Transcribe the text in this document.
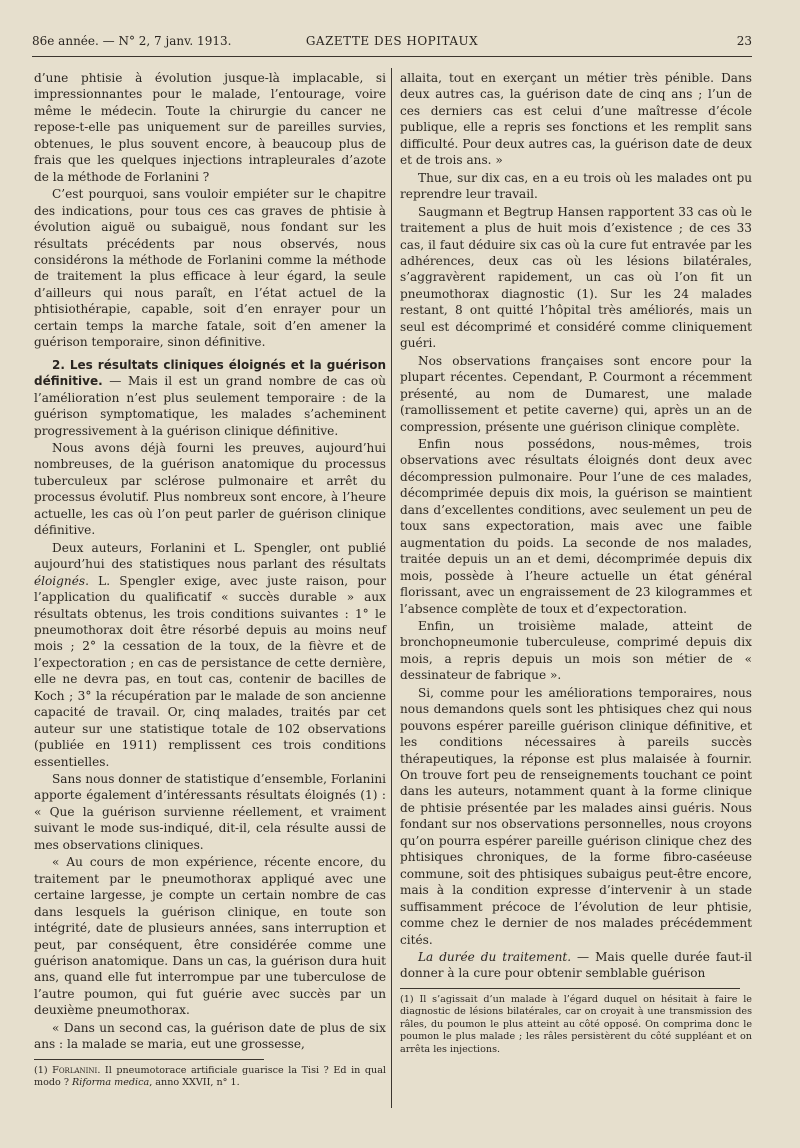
86e année. — N° 2, 7 janv. 1913.	GAZETTE DES HOPITAUX	23

d’une phtisie à évolution jusque-là implacable, si impressionnantes pour le malade, l’entourage, voire même le médecin. Toute la chirurgie du cancer ne repose-t-elle pas uniquement sur de pareilles survies, obtenues, le plus souvent encore, à beaucoup plus de frais que les quelques injections intrapleurales d’azote de la méthode de Forlanini ?

C’est pourquoi, sans vouloir empiéter sur le chapitre des indications, pour tous ces cas graves de phtisie à évolution aiguë ou subaiguë, nous fondant sur les résultats précédents par nous observés, nous considérons la méthode de Forlanini comme la méthode de traitement la plus efficace à leur égard, la seule d’ailleurs qui nous paraît, en l’état actuel de la phtisiothérapie, capable, soit d’en enrayer pour un certain temps la marche fatale, soit d’en amener la guérison temporaire, sinon définitive.

2. Les résultats cliniques éloignés et la guérison définitive. — Mais il est un grand nombre de cas où l’amélioration n’est plus seulement temporaire : de la guérison symptomatique, les malades s’acheminent progressivement à la guérison clinique définitive.

Nous avons déjà fourni les preuves, aujourd’hui nombreuses, de la guérison anatomique du processus tuberculeux par sclérose pulmonaire et arrêt du processus évolutif. Plus nombreux sont encore, à l’heure actuelle, les cas où l’on peut parler de guérison clinique définitive.

Deux auteurs, Forlanini et L. Spengler, ont publié aujourd’hui des statistiques nous parlant des résultats éloignés. L. Spengler exige, avec juste raison, pour l’application du qualificatif « succès durable » aux résultats obtenus, les trois conditions suivantes : 1° le pneumothorax doit être résorbé depuis au moins neuf mois ; 2° la cessation de la toux, de la fièvre et de l’expectoration ; en cas de persistance de cette dernière, elle ne devra pas, en tout cas, contenir de bacilles de Koch ; 3° la récupération par le malade de son ancienne capacité de travail. Or, cinq malades, traités par cet auteur sur une statistique totale de 102 observations (publiée en 1911) remplissent ces trois conditions essentielles.

Sans nous donner de statistique d’ensemble, Forlanini apporte également d’intéressants résultats éloignés (1) : « Que la guérison survienne réellement, et vraiment suivant le mode sus-indiqué, dit-il, cela résulte aussi de mes observations cliniques.

« Au cours de mon expérience, récente encore, du traitement par le pneumothorax appliqué avec une certaine largesse, je compte un certain nombre de cas dans lesquels la guérison clinique, en toute son intégrité, date de plusieurs années, sans interruption et peut, par conséquent, être considérée comme une guérison anatomique. Dans un cas, la guérison dura huit ans, quand elle fut interrompue par une tuberculose de l’autre poumon, qui fut guérie avec succès par un deuxième pneumothorax.

« Dans un second cas, la guérison date de plus de six ans : la malade se maria, eut une grossesse,

(1) Forlanini. Il pneumotorace artificiale guarisce la Tisi ? Ed in qual modo ? Riforma medica, anno XXVII, n° 1.

allaita, tout en exerçant un métier très pénible. Dans deux autres cas, la guérison date de cinq ans ; l’un de ces derniers cas est celui d’une maîtresse d’école publique, elle a repris ses fonctions et les remplit sans difficulté. Pour deux autres cas, la guérison date de deux et de trois ans. »

Thue, sur dix cas, en a eu trois où les malades ont pu reprendre leur travail.

Saugmann et Begtrup Hansen rapportent 33 cas où le traitement a plus de huit mois d’existence ; de ces 33 cas, il faut déduire six cas où la cure fut entravée par les adhérences, deux cas où les lésions bilatérales, s’aggravèrent rapidement, un cas où l’on fit un pneumothorax diagnostic (1). Sur les 24 malades restant, 8 ont quitté l’hôpital très améliorés, mais un seul est décomprimé et considéré comme cliniquement guéri.

Nos observations françaises sont encore pour la plupart récentes. Cependant, P. Courmont a récemment présenté, au nom de Dumarest, une malade (ramollissement et petite caverne) qui, après un an de compression, présente une guérison clinique complète.

Enfin nous possédons, nous-mêmes, trois observations avec résultats éloignés dont deux avec décompression pulmonaire. Pour l’une de ces malades, décomprimée depuis dix mois, la guérison se maintient dans d’excellentes conditions, avec seulement un peu de toux sans expectoration, mais avec une faible augmentation du poids. La seconde de nos malades, traitée depuis un an et demi, décomprimée depuis dix mois, possède à l’heure actuelle un état général florissant, avec un engraissement de 23 kilogrammes et l’absence complète de toux et d’expectoration.

Enfin, un troisième malade, atteint de bronchopneumonie tuberculeuse, comprimé depuis dix mois, a repris depuis un mois son métier de « dessinateur de fabrique ».

Si, comme pour les améliorations temporaires, nous nous demandons quels sont les phtisiques chez qui nous pouvons espérer pareille guérison clinique définitive, et les conditions nécessaires à pareils succès thérapeutiques, la réponse est plus malaisée à fournir. On trouve fort peu de renseignements touchant ce point dans les auteurs, notamment quant à la forme clinique de phtisie présentée par les malades ainsi guéris. Nous fondant sur nos observations personnelles, nous croyons qu’on pourra espérer pareille guérison clinique chez des phtisiques chroniques, de la forme fibro-caséeuse commune, soit des phtisiques subaigus peut-être encore, mais à la condition expresse d’intervenir à un stade suffisamment précoce de l’évolution de leur phtisie, comme chez le dernier de nos malades précédemment cités.

La durée du traitement. — Mais quelle durée faut-il donner à la cure pour obtenir semblable guérison

(1) Il s’agissait d’un malade à l’égard duquel on hésitait à faire le diagnostic de lésions bilatérales, car on croyait à une transmission des râles, du poumon le plus atteint au côté opposé. On comprima donc le poumon le plus malade ; les râles persistèrent du côté suppléant et on arrêta les injections.
